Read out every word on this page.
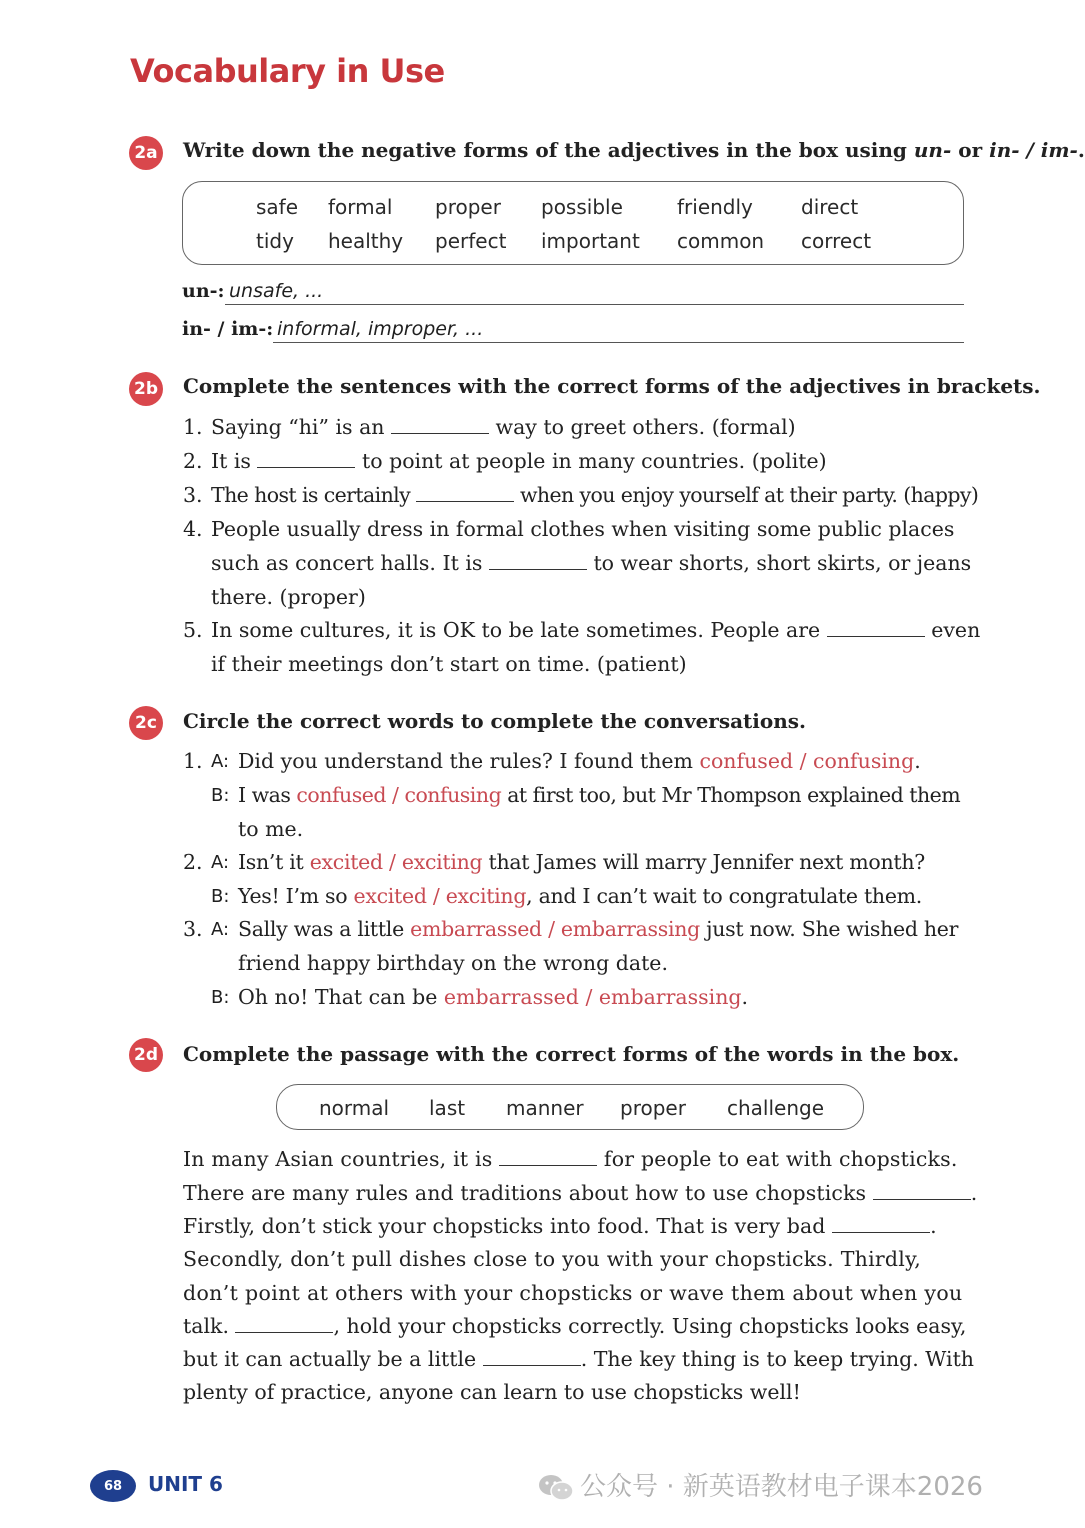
Vocabulary in Use
2a Write down the negative forms of the adjectives in the box using un- or in- / im-.
safe formal proper possible	friendly direct
tidy healthy perfect important common correct
un-: unsafe, ...
in- / im-: informal, improper, ...
2b Complete the sentences with the correct forms of the adjectives in brackets.
1. Saying “hi” is an	way to greet others. (formal)
2. It is	to point at people in many countries. (polite)
3. The host is certainly	when you enjoy yourself at their party. (happy)
4. People usually dress in formal clothes when visiting some public places
such as concert halls. It is	to wear shorts, short skirts, or jeans
there. (proper)
5. In some cultures, it is OK to be late sometimes. People are	even
if their meetings don’t start on time. (patient)
2c	Circle the correct words to complete the conversations.
1. A: Did you understand the rules? I found them confused / confusing.
B: I was confused / confusing at first too, but Mr Thompson explained them
to me.
2. A: Isn’t it excited / exciting that James will marry Jennifer next month?
B: Yes! I’m so excited / exciting, and I can’t wait to congratulate them.
3. A: Sally was a little embarrassed / embarrassing just now. She wished her
friend happy birthday on the wrong date.
B: Oh no! That can be embarrassed / embarrassing.
2d Complete the passage with the correct forms of the words in the box.
normal last manner proper challenge
In many Asian countries, it is	for people to eat with chopsticks.
There are many rules and traditions about how to use chopsticks	.
Firstly, don’t stick your chopsticks into food. That is very bad	.
Secondly, don’t pull dishes close to you with your chopsticks. Thirdly,
don’t point at others with your chopsticks or wave them about when you
talk.	, hold your chopsticks correctly. Using chopsticks looks easy,
but it can actually be a little	. The key thing is to keep trying. With
plenty of practice, anyone can learn to use chopsticks well!
68	UNIT 6	公众号 · 新英语教材电子课本2026
